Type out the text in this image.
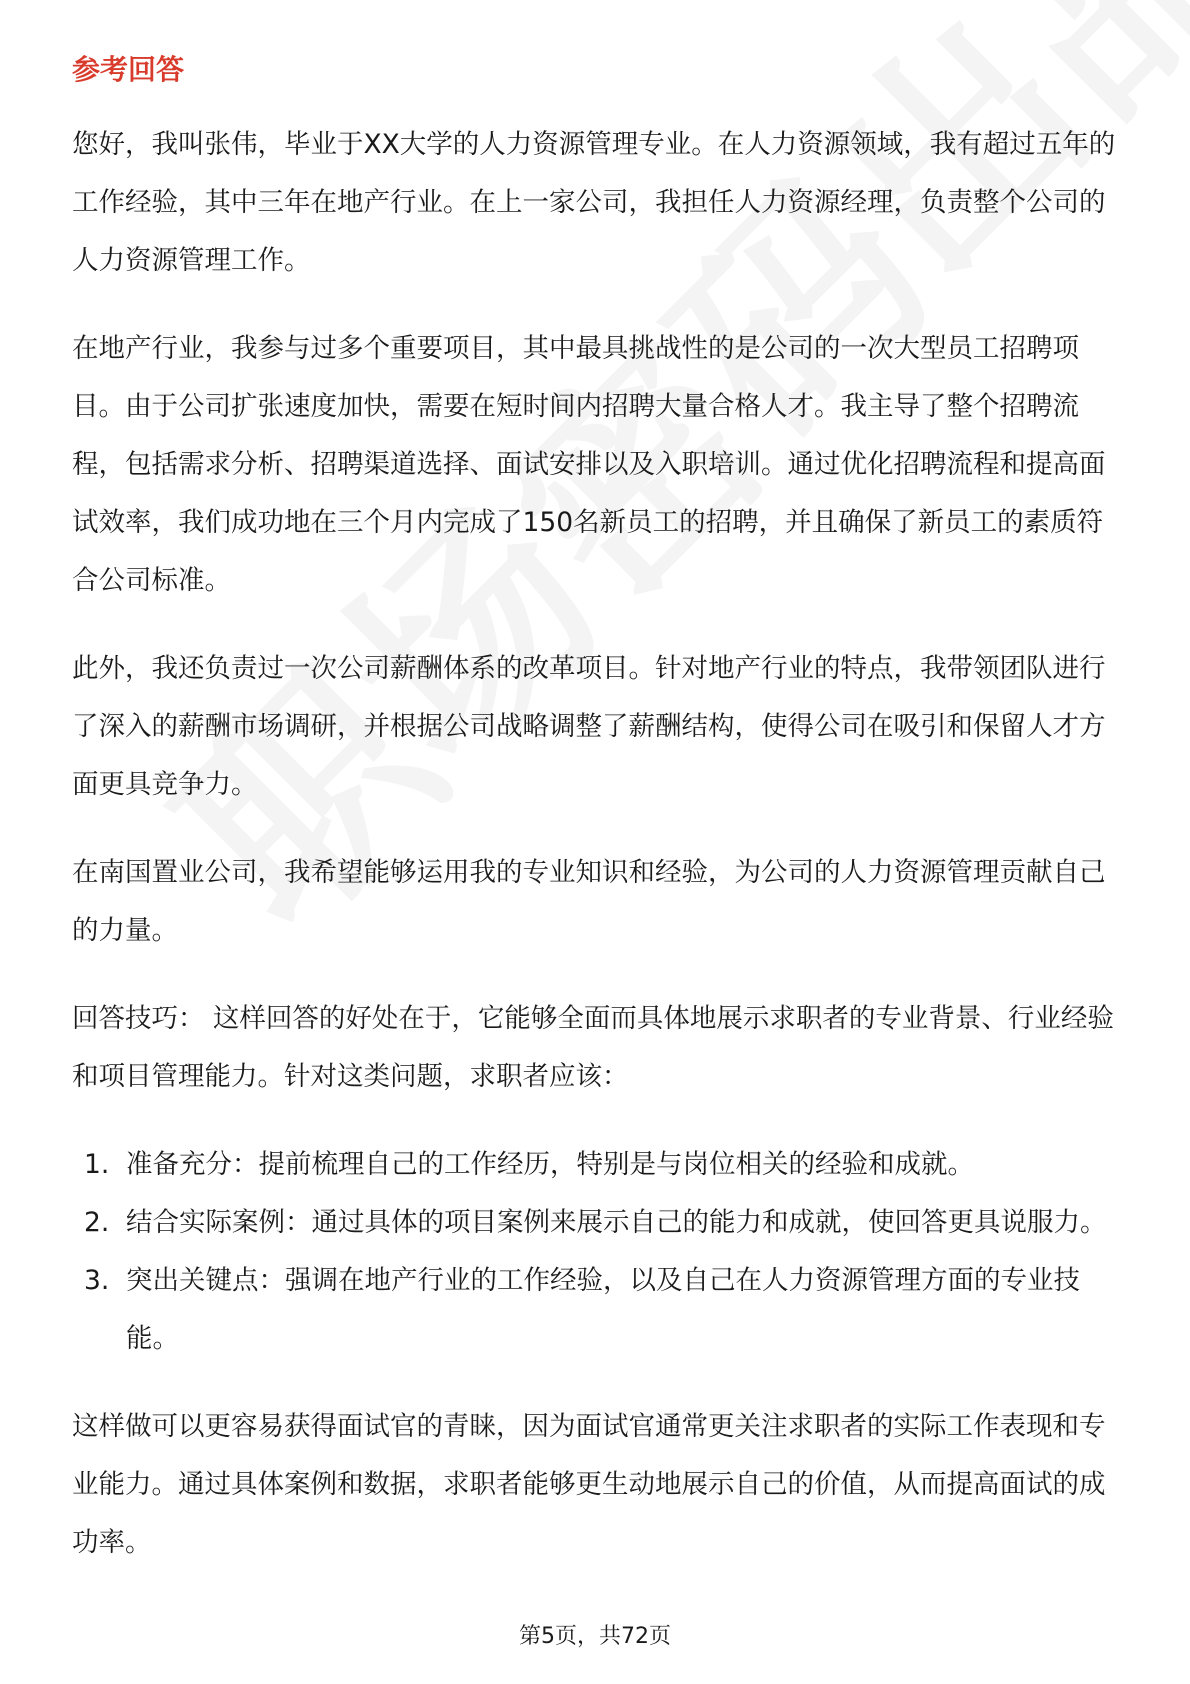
参考回答

您好，我叫张伟，毕业于XX大学的人力资源管理专业。在人力资源领域，我有超过五年的工作经验，其中三年在地产行业。在上一家公司，我担任人力资源经理，负责整个公司的人力资源管理工作。

在地产行业，我参与过多个重要项目，其中最具挑战性的是公司的一次大型员工招聘项目。由于公司扩张速度加快，需要在短时间内招聘大量合格人才。我主导了整个招聘流程，包括需求分析、招聘渠道选择、面试安排以及入职培训。通过优化招聘流程和提高面试效率，我们成功地在三个月内完成了150名新员工的招聘，并且确保了新员工的素质符合公司标准。

此外，我还负责过一次公司薪酬体系的改革项目。针对地产行业的特点，我带领团队进行了深入的薪酬市场调研，并根据公司战略调整了薪酬结构，使得公司在吸引和保留人才方面更具竞争力。

在南国置业公司，我希望能够运用我的专业知识和经验，为公司的人力资源管理贡献自己的力量。

回答技巧： 这样回答的好处在于，它能够全面而具体地展示求职者的专业背景、行业经验和项目管理能力。针对这类问题，求职者应该：

1. 准备充分：提前梳理自己的工作经历，特别是与岗位相关的经验和成就。
2. 结合实际案例：通过具体的项目案例来展示自己的能力和成就，使回答更具说服力。
3. 突出关键点：强调在地产行业的工作经验，以及自己在人力资源管理方面的专业技能。

这样做可以更容易获得面试官的青睐，因为面试官通常更关注求职者的实际工作表现和专业能力。通过具体案例和数据，求职者能够更生动地展示自己的价值，从而提高面试的成功率。

第5页，共72页
